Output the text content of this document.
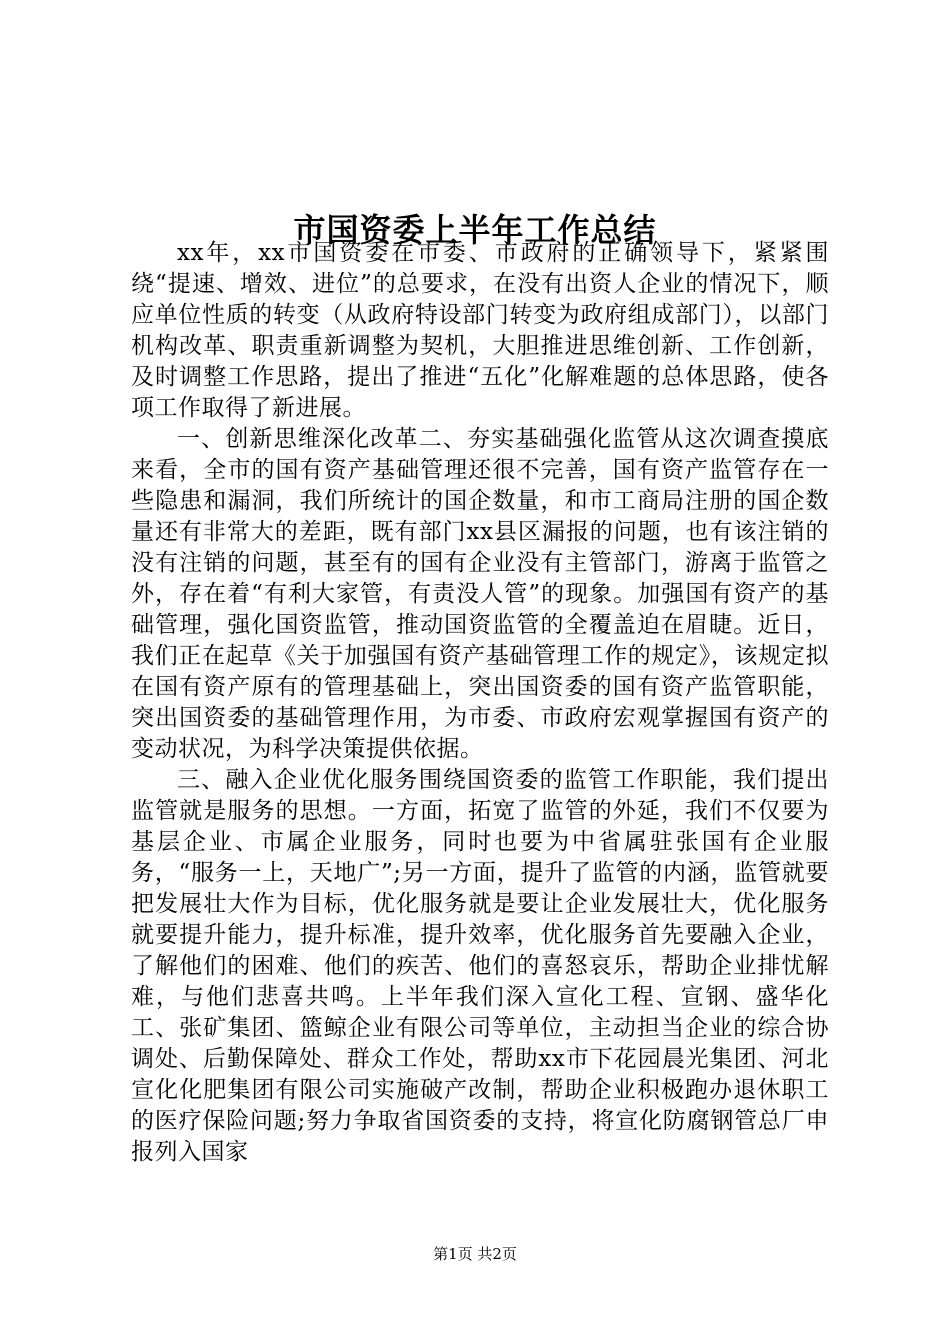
市国资委上半年工作总结

xx年，xx市国资委在市委、市政府的正确领导下，紧紧围绕“提速、增效、进位”的总要求，在没有出资人企业的情况下，顺应单位性质的转变（从政府特设部门转变为政府组成部门），以部门机构改革、职责重新调整为契机，大胆推进思维创新、工作创新，及时调整工作思路，提出了推进“五化”化解难题的总体思路，使各项工作取得了新进展。

一、创新思维深化改革二、夯实基础强化监管从这次调查摸底来看，全市的国有资产基础管理还很不完善，国有资产监管存在一些隐患和漏洞，我们所统计的国企数量，和市工商局注册的国企数量还有非常大的差距，既有部门xx县区漏报的问题，也有该注销的没有注销的问题，甚至有的国有企业没有主管部门，游离于监管之外，存在着“有利大家管，有责没人管”的现象。加强国有资产的基础管理，强化国资监管，推动国资监管的全覆盖迫在眉睫。近日，我们正在起草《关于加强国有资产基础管理工作的规定》，该规定拟在国有资产原有的管理基础上，突出国资委的国有资产监管职能，突出国资委的基础管理作用，为市委、市政府宏观掌握国有资产的变动状况，为科学决策提供依据。

三、融入企业优化服务围绕国资委的监管工作职能，我们提出监管就是服务的思想。一方面，拓宽了监管的外延，我们不仅要为基层企业、市属企业服务，同时也要为中省属驻张国有企业服务，“服务一上，天地广”;另一方面，提升了监管的内涵，监管就要把发展壮大作为目标，优化服务就是要让企业发展壮大，优化服务就要提升能力，提升标准，提升效率，优化服务首先要融入企业，了解他们的困难、他们的疾苦、他们的喜怒哀乐，帮助企业排忧解难，与他们悲喜共鸣。上半年我们深入宣化工程、宣钢、盛华化工、张矿集团、篮鲸企业有限公司等单位，主动担当企业的综合协调处、后勤保障处、群众工作处，帮助xx市下花园晨光集团、河北宣化化肥集团有限公司实施破产改制，帮助企业积极跑办退休职工的医疗保险问题;努力争取省国资委的支持，将宣化防腐钢管总厂申报列入国家

第1页 共2页
